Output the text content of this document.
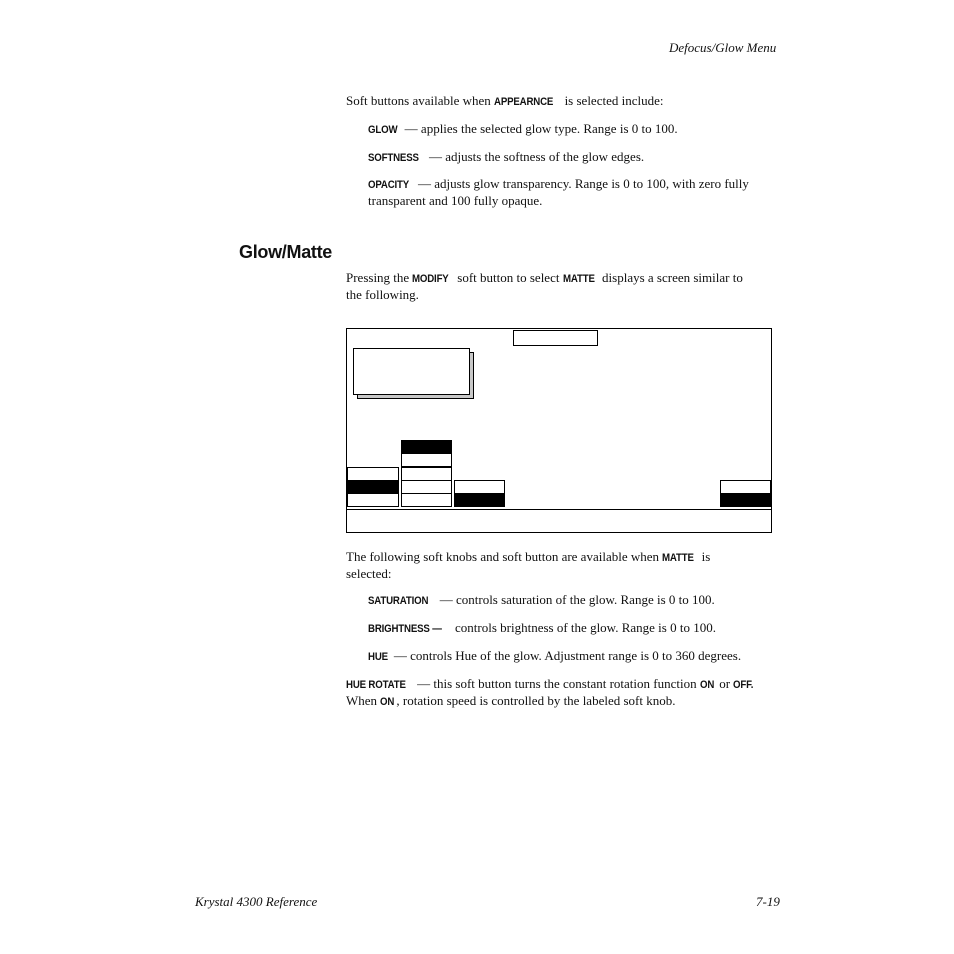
Defocus/Glow Menu
Soft buttons available when APPEARNCE is selected include:
GLOW — applies the selected glow type. Range is 0 to 100.
SOFTNESS — adjusts the softness of the glow edges.
OPACITY — adjusts glow transparency. Range is 0 to 100, with zero fully
transparent and 100 fully opaque.
Glow/Matte
Pressing the MODIFY soft button to select MATTE displays a screen similar to
the following.
The following soft knobs and soft button are available when MATTE is
selected:
SATURATION — controls saturation of the glow. Range is 0 to 100.
BRIGHTNESS — controls brightness of the glow. Range is 0 to 100.
HUE — controls Hue of the glow. Adjustment range is 0 to 360 degrees.
HUE ROTATE — this soft button turns the constant rotation function ON or OFF.
When ON , rotation speed is controlled by the labeled soft knob.
Krystal 4300 Reference	7-19
